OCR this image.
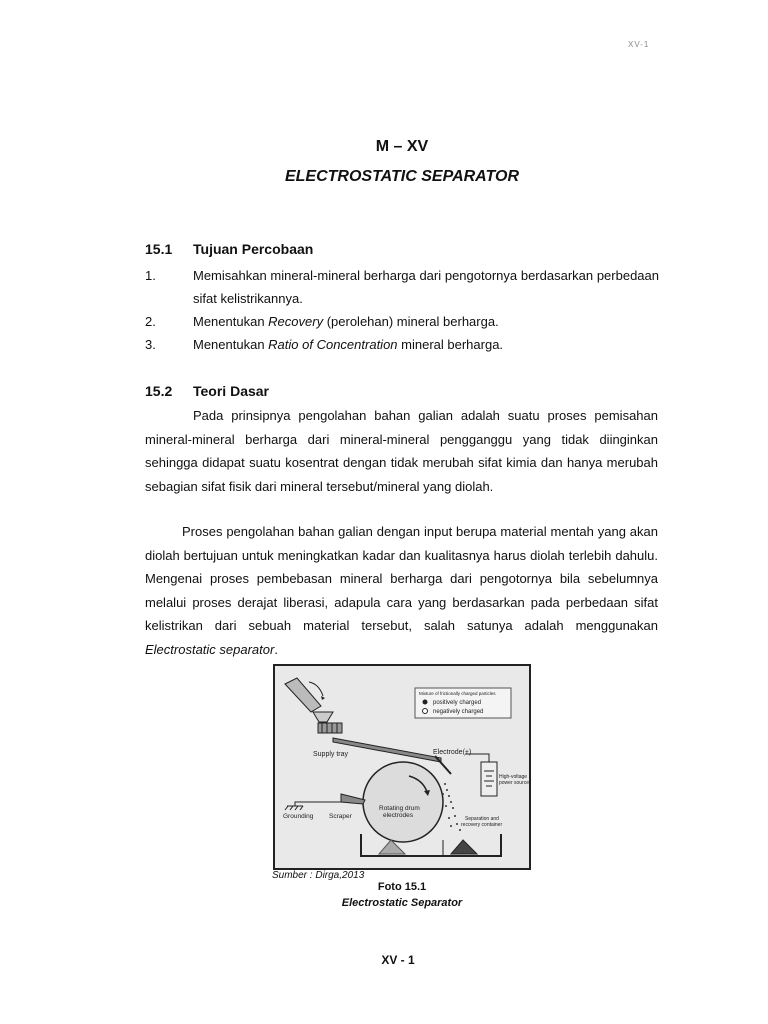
XV-1
M – XV
ELECTROSTATIC SEPARATOR
15.1 Tujuan Percobaan
1.	Memisahkan mineral-mineral berharga dari pengotornya berdasarkan perbedaan sifat kelistrikannya.
2.	Menentukan Recovery (perolehan) mineral berharga.
3.	Menentukan Ratio of Concentration mineral berharga.
15.2 Teori Dasar

Pada prinsipnya pengolahan bahan galian adalah suatu proses pemisahan mineral-mineral berharga dari mineral-mineral pengganggu yang tidak diinginkan sehingga didapat suatu kosentrat dengan tidak merubah sifat kimia dan hanya merubah sebagian sifat fisik dari mineral tersebut/mineral yang diolah.

Proses pengolahan bahan galian dengan input berupa material mentah yang akan diolah bertujuan untuk meningkatkan kadar dan kualitasnya harus diolah terlebih dahulu. Mengenai proses pembebasan mineral berharga dari pengotornya bila sebelumnya melalui proses derajat liberasi, adapula cara yang berdasarkan pada perbedaan sifat kelistrikan dari sebuah material tersebut, salah satunya adalah menggunakan Electrostatic separator.

Supply tray
Mixture of frictionally charged particles
positively charged
negatively charged
Electrode(+)
High-voltage
power source
Rotating drum
electrodes
Grounding Scraper	Separation and
recovery container
Sumber : Dirga,2013
Foto 15.1
Electrostatic Separator
XV - 1
